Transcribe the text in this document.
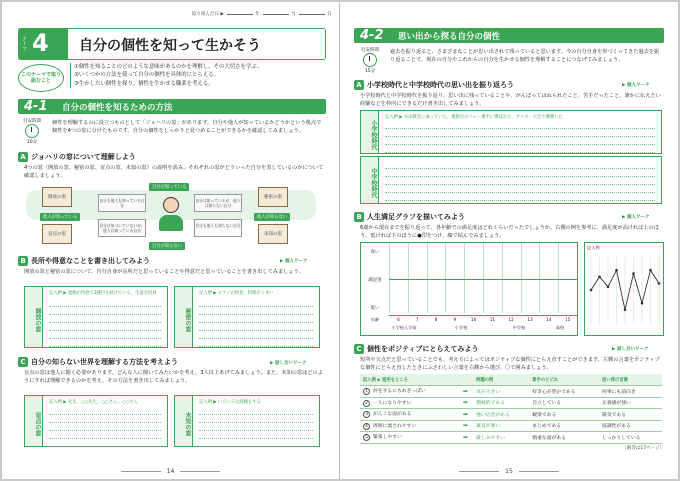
取り組んだ日 ▶	年	月	日
テーマ 4 自分の個性を知って生かそう
このテーマで取り組むこと
①個性を知ることのどのような意味があるのかを理解し、その大切さを学ぶ。
②いくつかの方法を使って自分の個性を具体的にとらえる。
③生かしたい個性を探り、個性を生かせる職業を考える。
4-1 自分の個性を知るための方法
目安時間
10分
個性を理解するのに役立つものとして「ジョハリの窓」があります。自分や他人が知っているかどうかという視点で個性を4つの窓に分けたものです。自分の個性をしっかりと見つめることができるかを確認してみましょう。
A ジョハリの窓について理解しよう
4つの窓（開放の窓、秘密の窓、盲点の窓、未知の窓）の説明を読み、それぞれの窓がどういった自分を表しているのかについて確認しましょう。
開放の窓	秘密の窓
盲点の窓	未知の窓
自分が知っている
自分が知らない
他人が知っている	他人が知らない
自分も他人も知っている自分
自分は知っているが、他人は知らない自分
自分は気づいていないが、他人は知っている自分
自分も他人も知らない自分
B 長所や得意なことを書き出してみよう	▶ 個人ワーク
開放の窓と秘密の窓について、自分自身が長所だと思っていることや得意だと思っていることを書き出してみましょう。
開放の窓
記入例 ▶ 運動が得意で3種目を続けている、生徒会役員
秘密の窓
記入例 ▶ ピアノが得意、料理がうまい
C 自分の知らない世界を理解する方法を考えよう	▶ 話し合いワーク
盲点の窓は他人に聞く必要があります。どんな人に聞いてみたいかを考え、3人以上あげてみましょう。また、未知の窓はどのようにすれば理解できるのかを考え、その方法を書き出してみましょう。
盲点の窓
記入例 ▶ 先生、○○先生、○○さん、○○さん
未知の窓
記入例 ▶ いろいろな経験をする
14
4-2 思い出から探る自分の個性
目安時間
15分
過去を振り返ると、さまざまなことが思い出されて残っていると思います。今の自分自身を形づくってきた過去を振り返ることで、現在の自分やこれからの自分を生かせる個性を理解することにつなげてみましょう。
A 小学校時代と中学校時代の思い出を振り返ろう	▶ 個人ワーク
小学校時代と中学校時代を振り返り、思い出に残っていることや、がんばってはねられたこと、苦手だったこと、誰かに伝えたい経験などを枠内にできるだけ書き出してみましょう。
小学校時代
記入例 ▶ 水泳教室に通っていた、運動会のリレー選手に選ばれた、サッカー大会で優勝した
中学校時代
B 人生満足グラフを描いてみよう	▶ 個人ワーク
6歳から現在までを振り返って、各年齢での満足度はどれくらいだったでしょうか。右側の例を参考に、満足度が高ければ上のほう、低ければ下のほうに●印をつけ、線で結んでみましょう。
高い
満足度
低い
6	7	8	9	10	11	12	13	14	15
年齢
小学校入学前	小学校	中学校	高校
記入例
C 個性をポジティブにとらえてみよう	▶ 話し合いワーク
短所や欠点だと思っていることでも、考え方によってはポジティブな個性にとらえ直すことができます。左側の言葉をポジティブな個性にとらえ直したときにふさわしい言葉を右側から選び、〇で囲みましょう。
記入例 ▶ 短所をところ		例題の例	素手のとどれ	思い浮び言葉
1 何をするにもあきっぽい	➡	気が大きい	好奇心が豊かである	何事にも前向き
2 一人になりやすい	➡	積極的である	自立している	正義感が強い
3 がんこな面がある	➡	強い信念がある	観察である	陽気である
4 周囲に流されやすい	➡	素直が強い	まじめである	協調性がある
5 緊張しやすい	➡	厳しみやすい	慎重な面がある	しっかりしている
（解答は17ページ）
15
